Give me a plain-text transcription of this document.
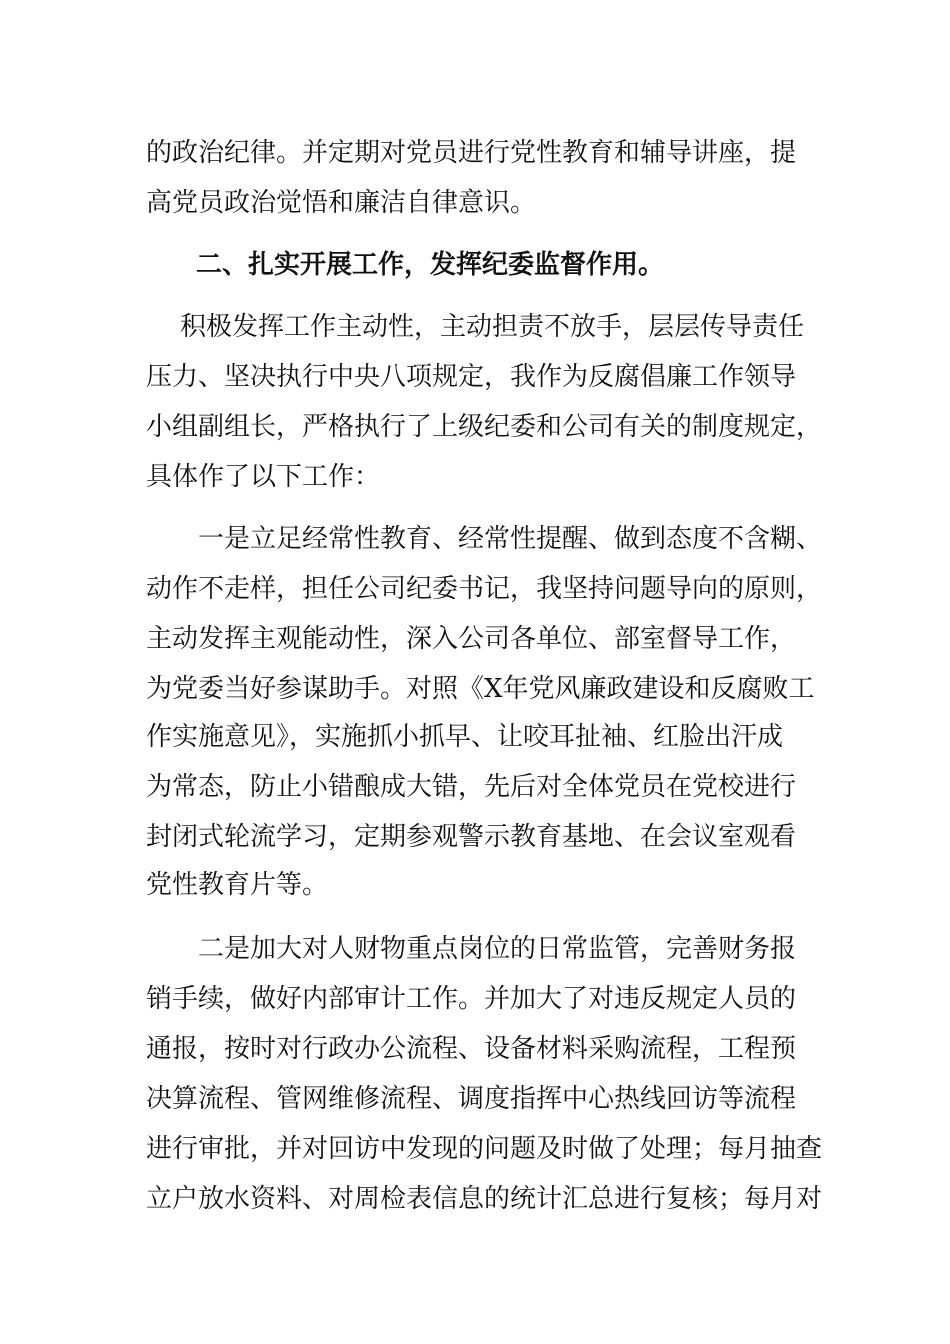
的政治纪律。并定期对党员进行党性教育和辅导讲座，提
高党员政治觉悟和廉洁自律意识。
二、扎实开展工作，发挥纪委监督作用。
积极发挥工作主动性，主动担责不放手，层层传导责任
压力、坚决执行中央八项规定，我作为反腐倡廉工作领导
小组副组长，严格执行了上级纪委和公司有关的制度规定，
具体作了以下工作：
一是立足经常性教育、经常性提醒、做到态度不含糊、
动作不走样，担任公司纪委书记，我坚持问题导向的原则，
主动发挥主观能动性，深入公司各单位、部室督导工作，
为党委当好参谋助手。对照《X年党风廉政建设和反腐败工
作实施意见》，实施抓小抓早、让咬耳扯袖、红脸出汗成
为常态，防止小错酿成大错，先后对全体党员在党校进行
封闭式轮流学习，定期参观警示教育基地、在会议室观看
党性教育片等。
二是加大对人财物重点岗位的日常监管，完善财务报
销手续，做好内部审计工作。并加大了对违反规定人员的
通报，按时对行政办公流程、设备材料采购流程，工程预
决算流程、管网维修流程、调度指挥中心热线回访等流程
进行审批，并对回访中发现的问题及时做了处理；每月抽查
立户放水资料、对周检表信息的统计汇总进行复核；每月对
